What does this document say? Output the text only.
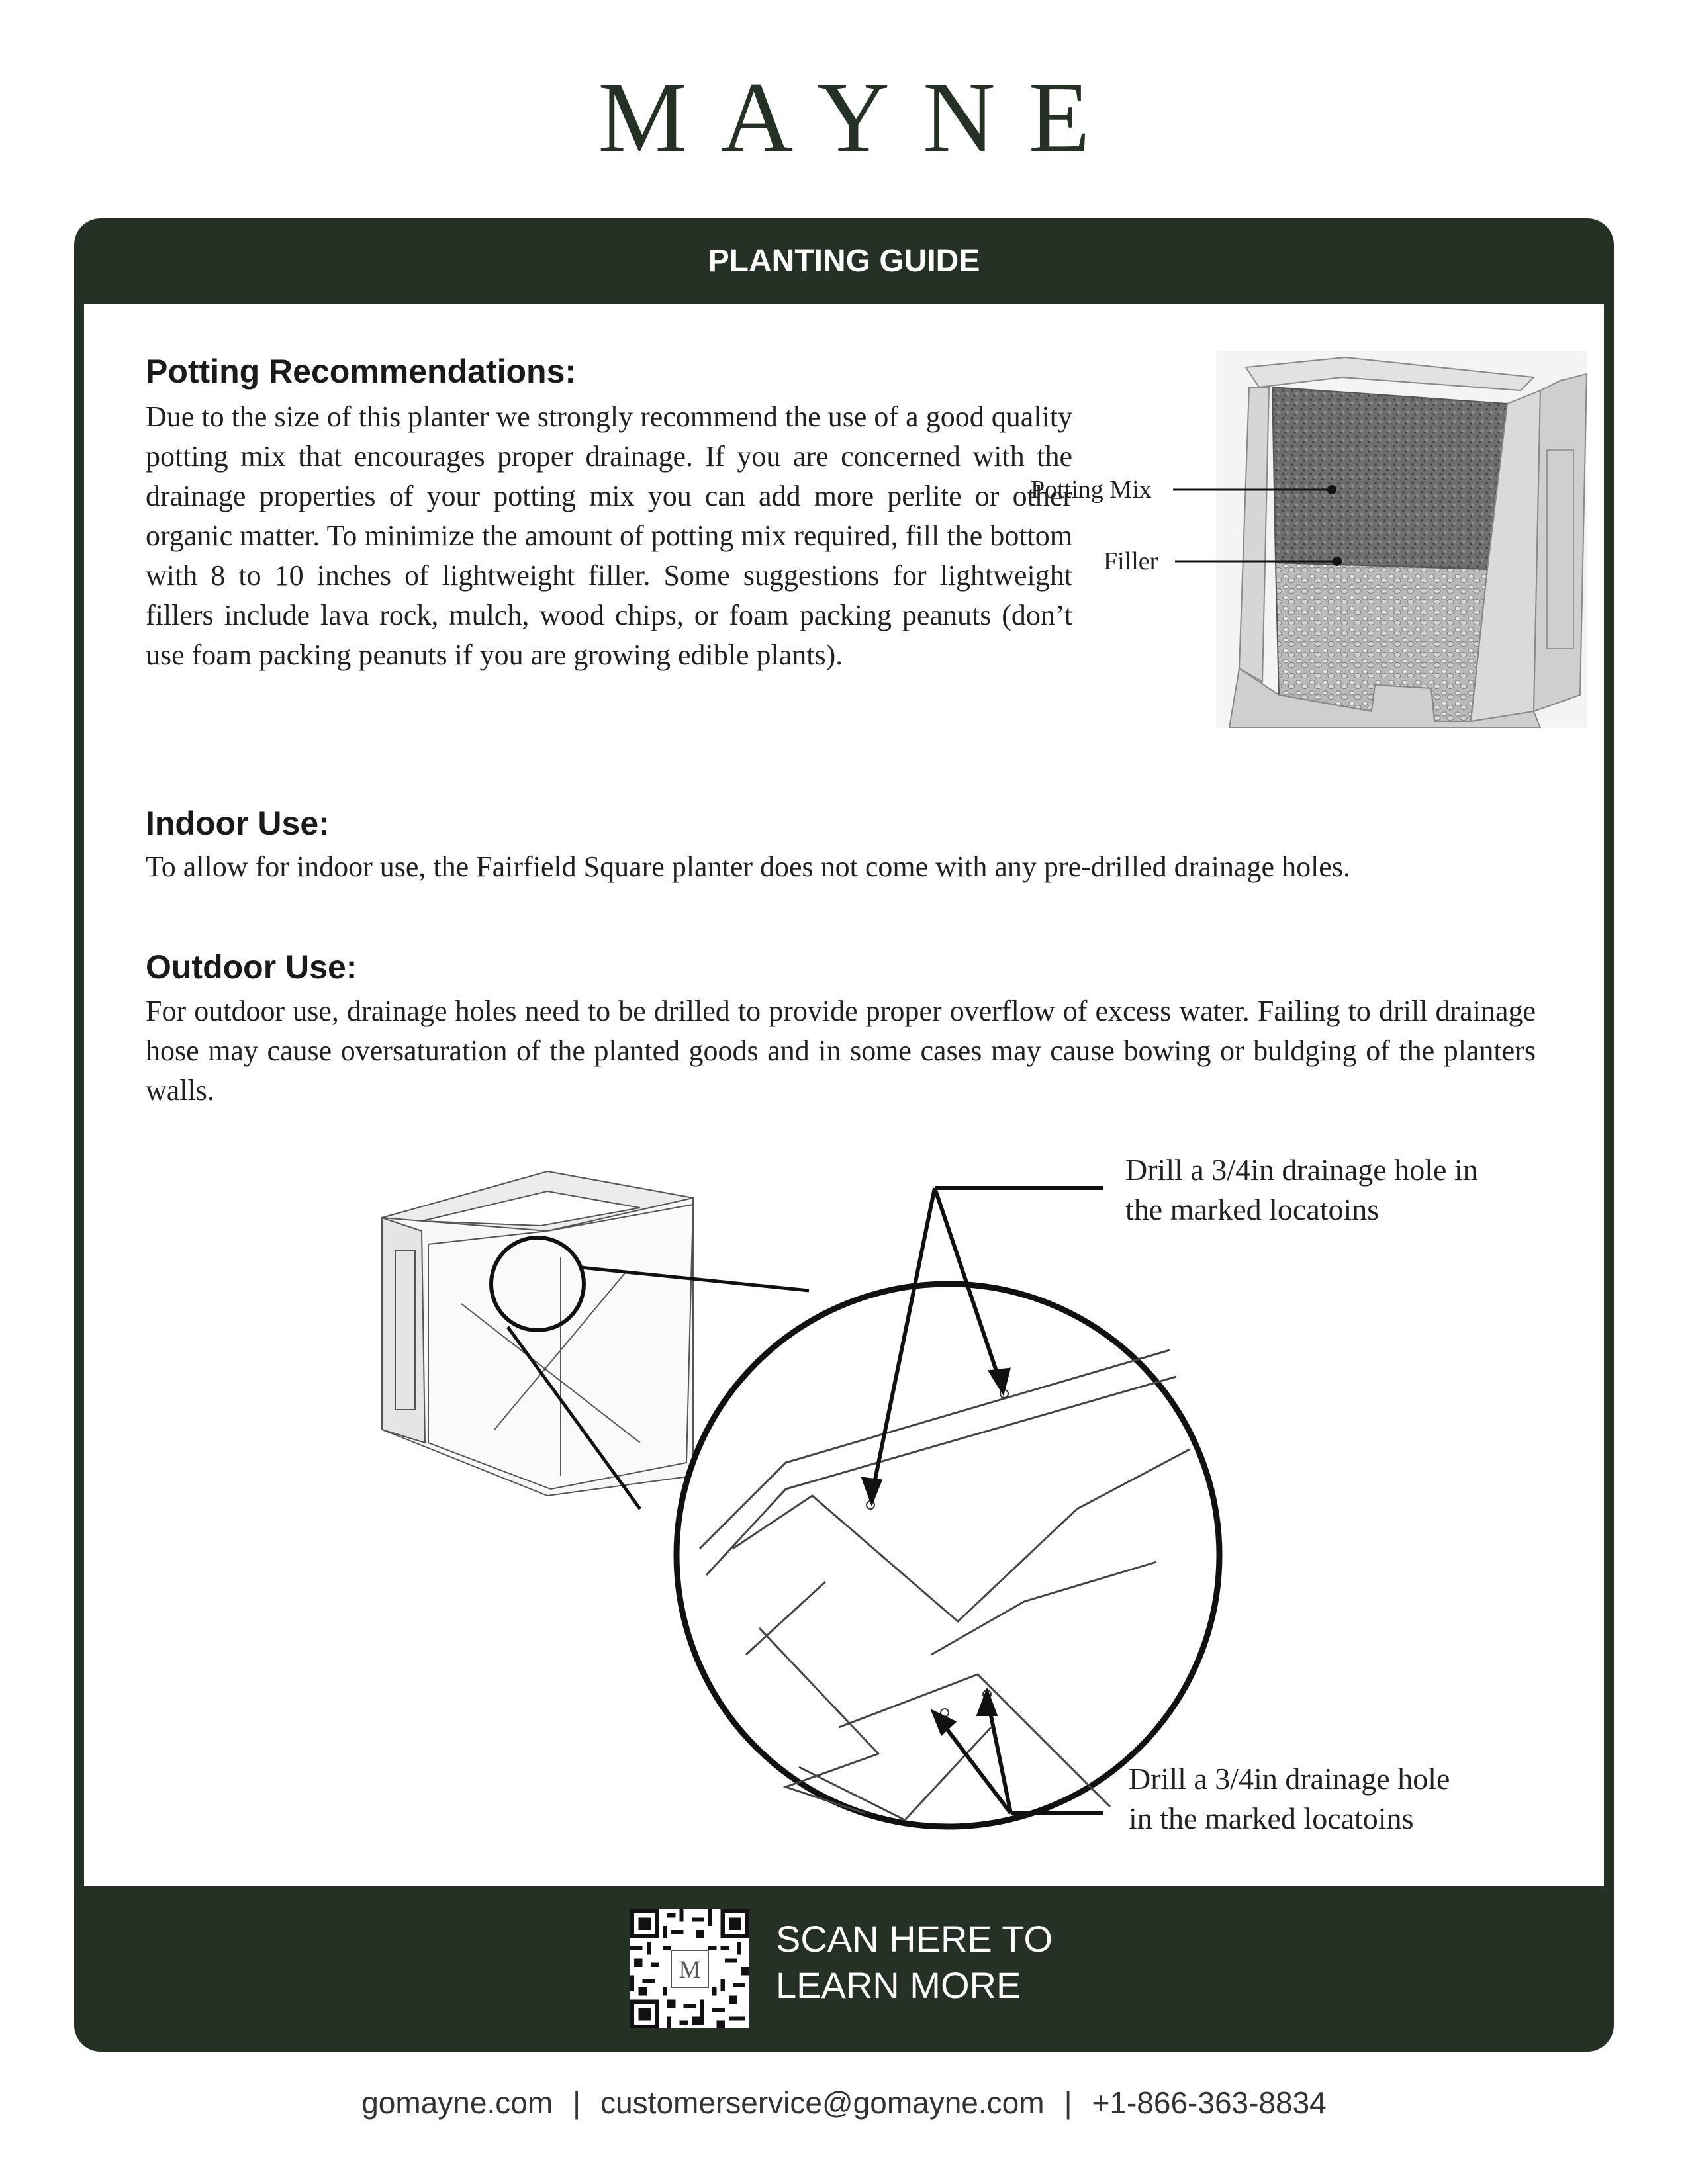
MAYNE
PLANTING GUIDE
Potting Recommendations:

Due to the size of this planter we strongly recommend the use of a good quality potting mix that encourages proper drainage. If you are concerned with the drainage properties of your potting mix you can add more perlite or other organic matter. To minimize the amount of potting mix required, fill the bottom with 8 to 10 inches of lightweight filler. Some suggestions for lightweight fillers include lava rock, mulch, wood chips, or foam packing peanuts (don’t use foam packing peanuts if you are growing edible plants).

Potting Mix
Filler
Indoor Use:

To allow for indoor use, the Fairfield Square planter does not come with any pre-drilled drainage holes.

Outdoor Use:

For outdoor use, drainage holes need to be drilled to provide proper overflow of excess water. Failing to drill drainage hose may cause oversaturation of the planted goods and in some cases may cause bowing or buldging of the planters walls.

Drill a 3/4in drainage hole in
the marked locatoins
Drill a 3/4in drainage hole
in the marked locatoins
M
SCAN HERE TO
LEARN MORE
gomayne.com | customerservice@gomayne.com | +1-866-363-8834
